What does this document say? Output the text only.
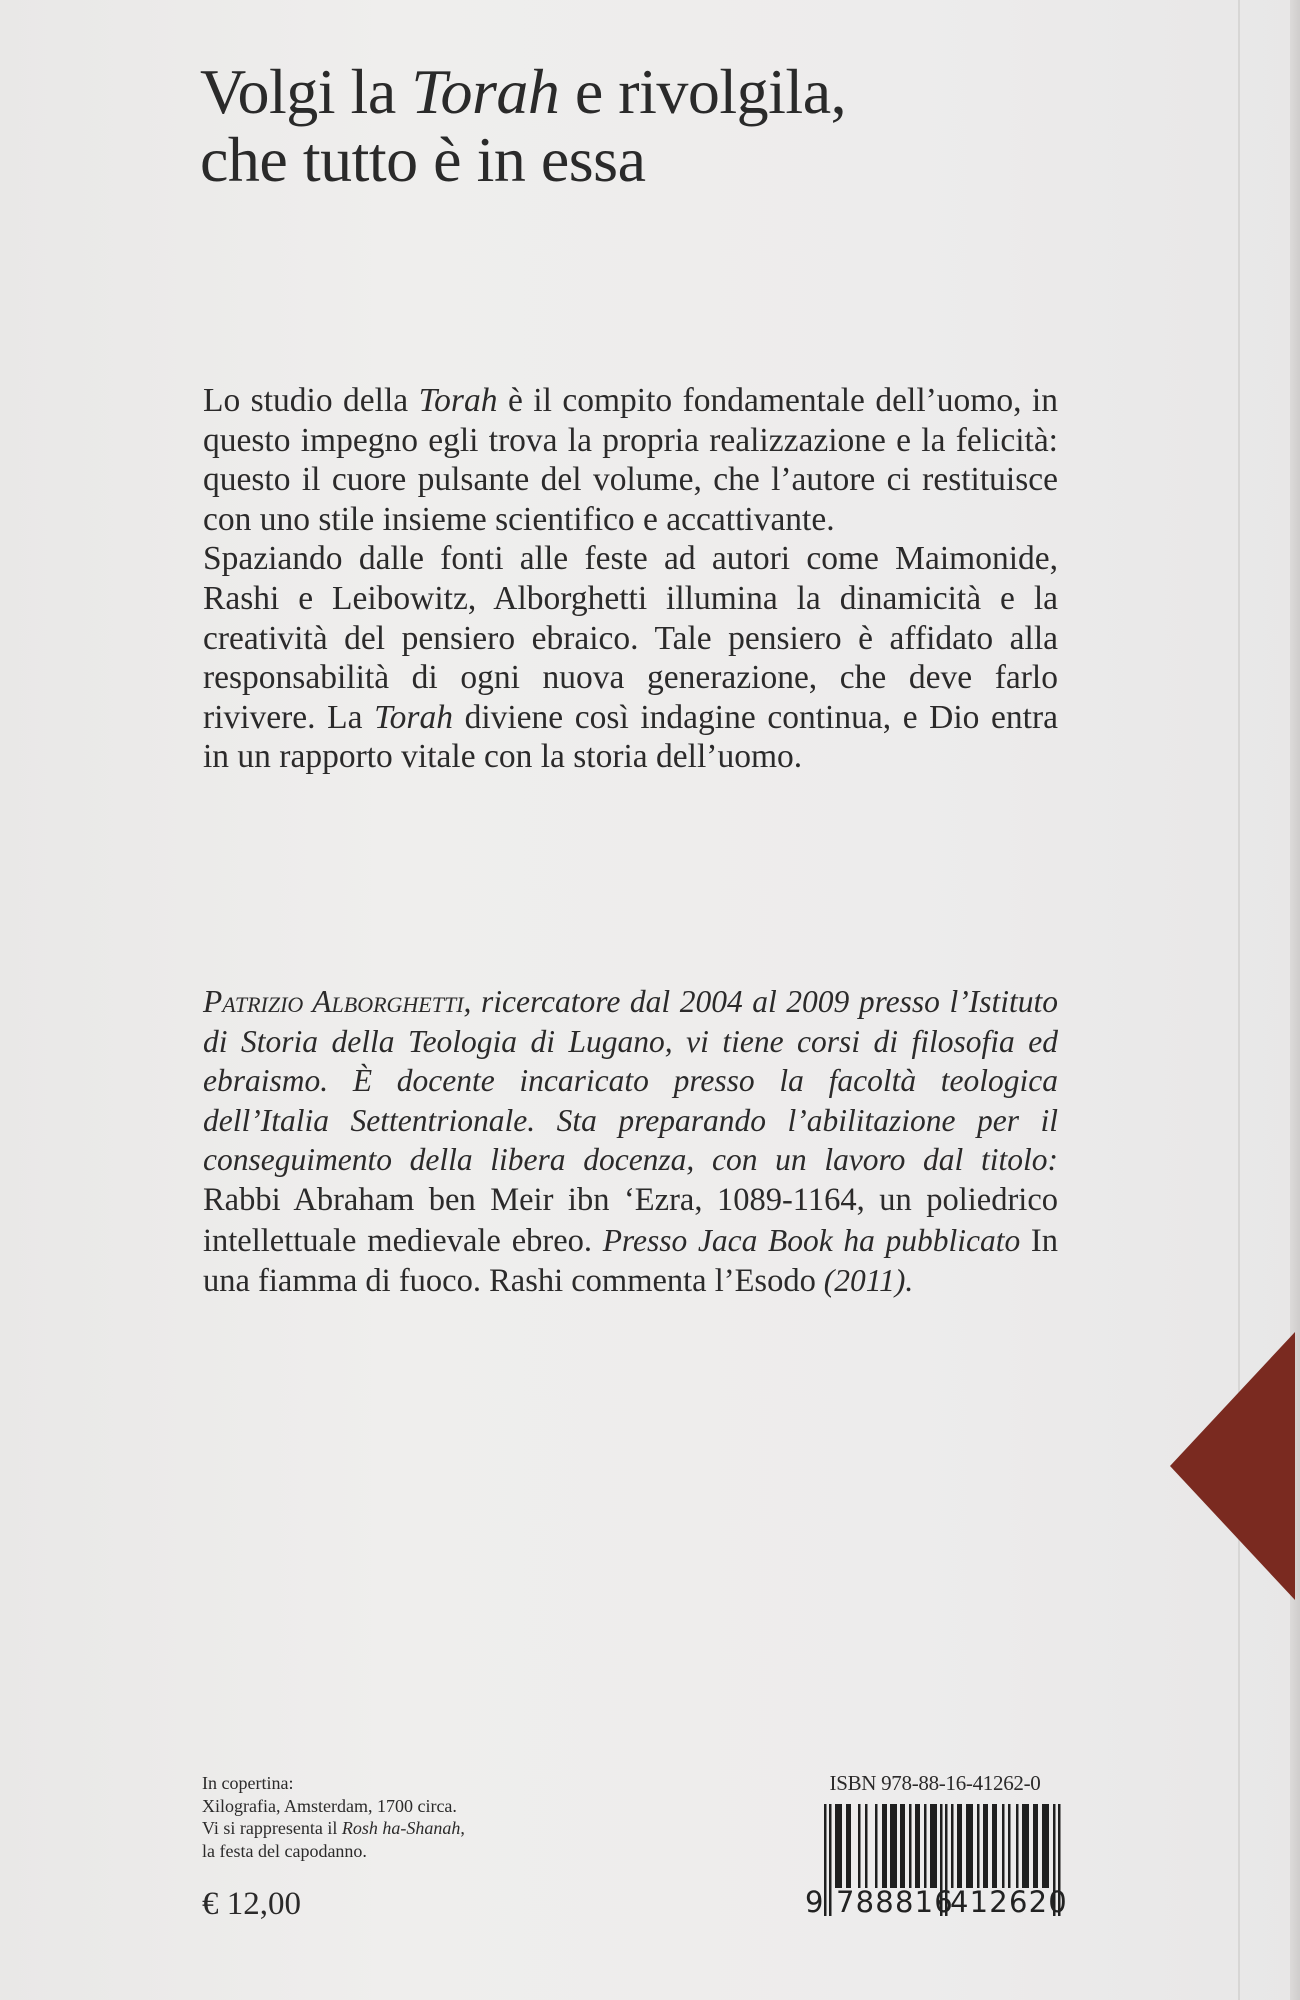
Volgi la Torah e rivolgila,
che tutto è in essa

Lo studio della Torah è il compito fondamentale dell’uomo, in questo impegno egli trova la propria realizzazione e la felicità: questo il cuore pulsante del volume, che l’autore ci restituisce con uno stile insieme scientifico e accattivante.

Spaziando dalle fonti alle feste ad autori come Maimonide, Rashi e Leibowitz, Alborghetti illumina la dinamicità e la creatività del pensiero ebraico. Tale pensiero è affidato alla responsabilità di ogni nuova generazione, che deve farlo rivivere. La Torah diviene così indagine continua, e Dio entra in un rapporto vitale con la storia dell’uomo.

Patrizio Alborghetti, ricercatore dal 2004 al 2009 presso l’Istituto di Storia della Teologia di Lugano, vi tiene corsi di filosofia ed ebraismo. È docente incaricato presso la facoltà teologica dell’Italia Settentrionale. Sta preparando l’abilitazione per il conseguimento della libera docenza, con un lavoro dal titolo: Rabbi Abraham ben Meir ibn ‘Ezra, 1089-1164, un poliedrico intellettuale medievale ebreo. Presso Jaca Book ha pubblicato In una fiamma di fuoco. Rashi commenta l’Esodo (2011).
In copertina:
Xilografia, Amsterdam, 1700 circa.
Vi si rappresenta il Rosh ha-Shanah,
la festa del capodanno.
€ 12,00
ISBN 978-88-16-41262-0
9 788816
412620
